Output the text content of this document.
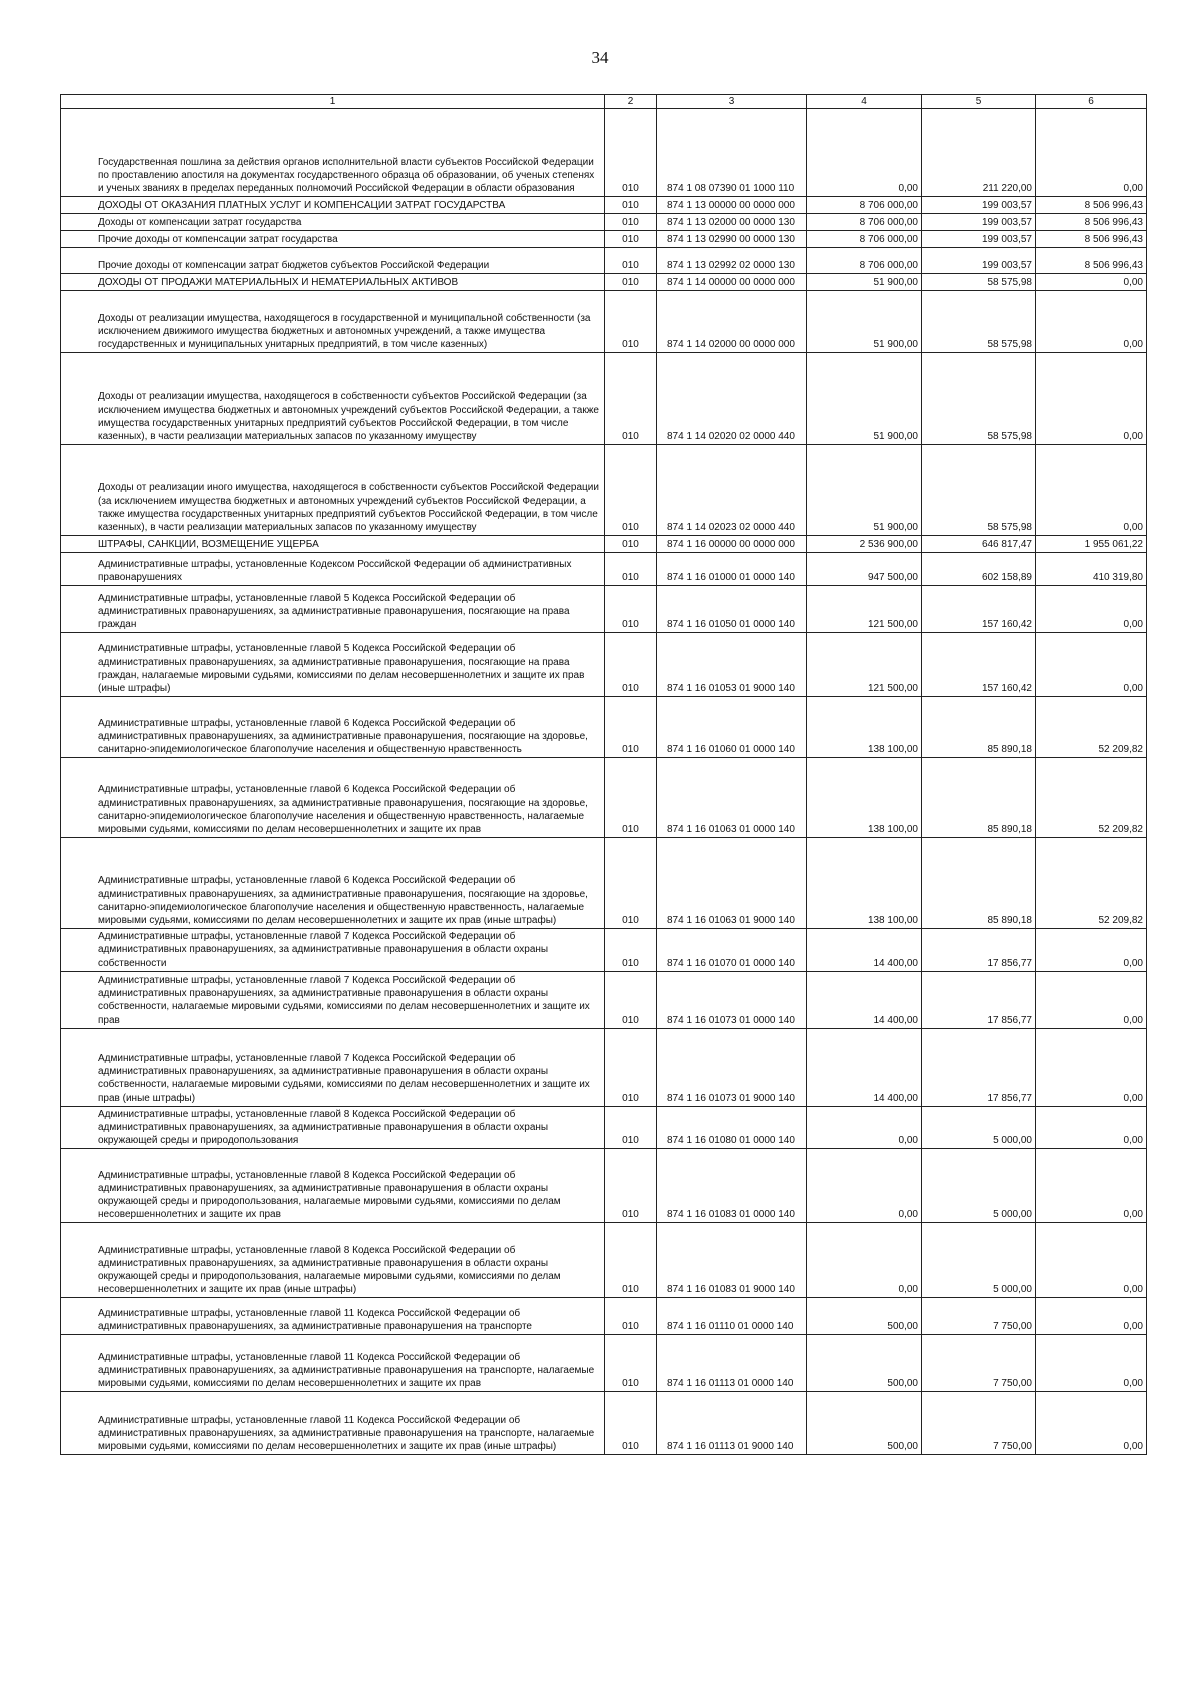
34
1	2	3	4	5	6

Государственная пошлина за действия органов исполнительной власти субъектов Российской Федерации по проставлению апостиля на документах государственного образца об образовании, об ученых степенях и ученых званиях в пределах переданных полномочий Российской Федерации в области образования	010	874 1 08 07390 01 1000 110	0,00	211 220,00	0,00

ДОХОДЫ ОТ ОКАЗАНИЯ ПЛАТНЫХ УСЛУГ И КОМПЕНСАЦИИ ЗАТРАТ ГОСУДАРСТВА	010	874 1 13 00000 00 0000 000	8 706 000,00	199 003,57	8 506 996,43

Доходы от компенсации затрат государства	010	874 1 13 02000 00 0000 130	8 706 000,00	199 003,57	8 506 996,43

Прочие доходы от компенсации затрат государства	010	874 1 13 02990 00 0000 130	8 706 000,00	199 003,57	8 506 996,43

Прочие доходы от компенсации затрат бюджетов субъектов Российской Федерации	010	874 1 13 02992 02 0000 130	8 706 000,00	199 003,57	8 506 996,43

ДОХОДЫ ОТ ПРОДАЖИ МАТЕРИАЛЬНЫХ И НЕМАТЕРИАЛЬНЫХ АКТИВОВ	010	874 1 14 00000 00 0000 000	51 900,00	58 575,98	0,00

Доходы от реализации имущества, находящегося в государственной и муниципальной собственности (за исключением движимого имущества бюджетных и автономных учреждений, а также имущества государственных и муниципальных унитарных предприятий, в том числе казенных)	010	874 1 14 02000 00 0000 000	51 900,00	58 575,98	0,00

Доходы от реализации имущества, находящегося в собственности субъектов Российской Федерации (за исключением имущества бюджетных и автономных учреждений субъектов Российской Федерации, а также имущества государственных унитарных предприятий субъектов Российской Федерации, в том числе казенных), в части реализации материальных запасов по указанному имуществу	010	874 1 14 02020 02 0000 440	51 900,00	58 575,98	0,00

Доходы от реализации иного имущества, находящегося в собственности субъектов Российской Федерации (за исключением имущества бюджетных и автономных учреждений субъектов Российской Федерации, а также имущества государственных унитарных предприятий субъектов Российской Федерации, в том числе казенных), в части реализации материальных запасов по указанному имуществу	010	874 1 14 02023 02 0000 440	51 900,00	58 575,98	0,00

ШТРАФЫ, САНКЦИИ, ВОЗМЕЩЕНИЕ УЩЕРБА	010	874 1 16 00000 00 0000 000	2 536 900,00	646 817,47	1 955 061,22

Административные штрафы, установленные Кодексом Российской Федерации об административных правонарушениях	010	874 1 16 01000 01 0000 140	947 500,00	602 158,89	410 319,80

Административные штрафы, установленные главой 5 Кодекса Российской Федерации об административных правонарушениях, за административные правонарушения, посягающие на права граждан	010	874 1 16 01050 01 0000 140	121 500,00	157 160,42	0,00

Административные штрафы, установленные главой 5 Кодекса Российской Федерации об административных правонарушениях, за административные правонарушения, посягающие на права граждан, налагаемые мировыми судьями, комиссиями по делам несовершеннолетних и защите их прав (иные штрафы)	010	874 1 16 01053 01 9000 140	121 500,00	157 160,42	0,00

Административные штрафы, установленные главой 6 Кодекса Российской Федерации об административных правонарушениях, за административные правонарушения, посягающие на здоровье, санитарно-эпидемиологическое благополучие населения и общественную нравственность	010	874 1 16 01060 01 0000 140	138 100,00	85 890,18	52 209,82

Административные штрафы, установленные главой 6 Кодекса Российской Федерации об административных правонарушениях, за административные правонарушения, посягающие на здоровье, санитарно-эпидемиологическое благополучие населения и общественную нравственность, налагаемые мировыми судьями, комиссиями по делам несовершеннолетних и защите их прав	010	874 1 16 01063 01 0000 140	138 100,00	85 890,18	52 209,82

Административные штрафы, установленные главой 6 Кодекса Российской Федерации об административных правонарушениях, за административные правонарушения, посягающие на здоровье, санитарно-эпидемиологическое благополучие населения и общественную нравственность, налагаемые мировыми судьями, комиссиями по делам несовершеннолетних и защите их прав (иные штрафы)	010	874 1 16 01063 01 9000 140	138 100,00	85 890,18	52 209,82

Административные штрафы, установленные главой 7 Кодекса Российской Федерации об административных правонарушениях, за административные правонарушения в области охраны собственности	010	874 1 16 01070 01 0000 140	14 400,00	17 856,77	0,00

Административные штрафы, установленные главой 7 Кодекса Российской Федерации об административных правонарушениях, за административные правонарушения в области охраны собственности, налагаемые мировыми судьями, комиссиями по делам несовершеннолетних и защите их прав	010	874 1 16 01073 01 0000 140	14 400,00	17 856,77	0,00

Административные штрафы, установленные главой 7 Кодекса Российской Федерации об административных правонарушениях, за административные правонарушения в области охраны собственности, налагаемые мировыми судьями, комиссиями по делам несовершеннолетних и защите их прав (иные штрафы)	010	874 1 16 01073 01 9000 140	14 400,00	17 856,77	0,00

Административные штрафы, установленные главой 8 Кодекса Российской Федерации об административных правонарушениях, за административные правонарушения в области охраны окружающей среды и природопользования	010	874 1 16 01080 01 0000 140	0,00	5 000,00	0,00

Административные штрафы, установленные главой 8 Кодекса Российской Федерации об административных правонарушениях, за административные правонарушения в области охраны окружающей среды и природопользования, налагаемые мировыми судьями, комиссиями по делам несовершеннолетних и защите их прав	010	874 1 16 01083 01 0000 140	0,00	5 000,00	0,00

Административные штрафы, установленные главой 8 Кодекса Российской Федерации об административных правонарушениях, за административные правонарушения в области охраны окружающей среды и природопользования, налагаемые мировыми судьями, комиссиями по делам несовершеннолетних и защите их прав (иные штрафы)	010	874 1 16 01083 01 9000 140	0,00	5 000,00	0,00

Административные штрафы, установленные главой 11 Кодекса Российской Федерации об административных правонарушениях, за административные правонарушения на транспорте	010	874 1 16 01110 01 0000 140	500,00	7 750,00	0,00

Административные штрафы, установленные главой 11 Кодекса Российской Федерации об административных правонарушениях, за административные правонарушения на транспорте, налагаемые мировыми судьями, комиссиями по делам несовершеннолетних и защите их прав	010	874 1 16 01113 01 0000 140	500,00	7 750,00	0,00

Административные штрафы, установленные главой 11 Кодекса Российской Федерации об административных правонарушениях, за административные правонарушения на транспорте, налагаемые мировыми судьями, комиссиями по делам несовершеннолетних и защите их прав (иные штрафы)	010	874 1 16 01113 01 9000 140	500,00	7 750,00	0,00
